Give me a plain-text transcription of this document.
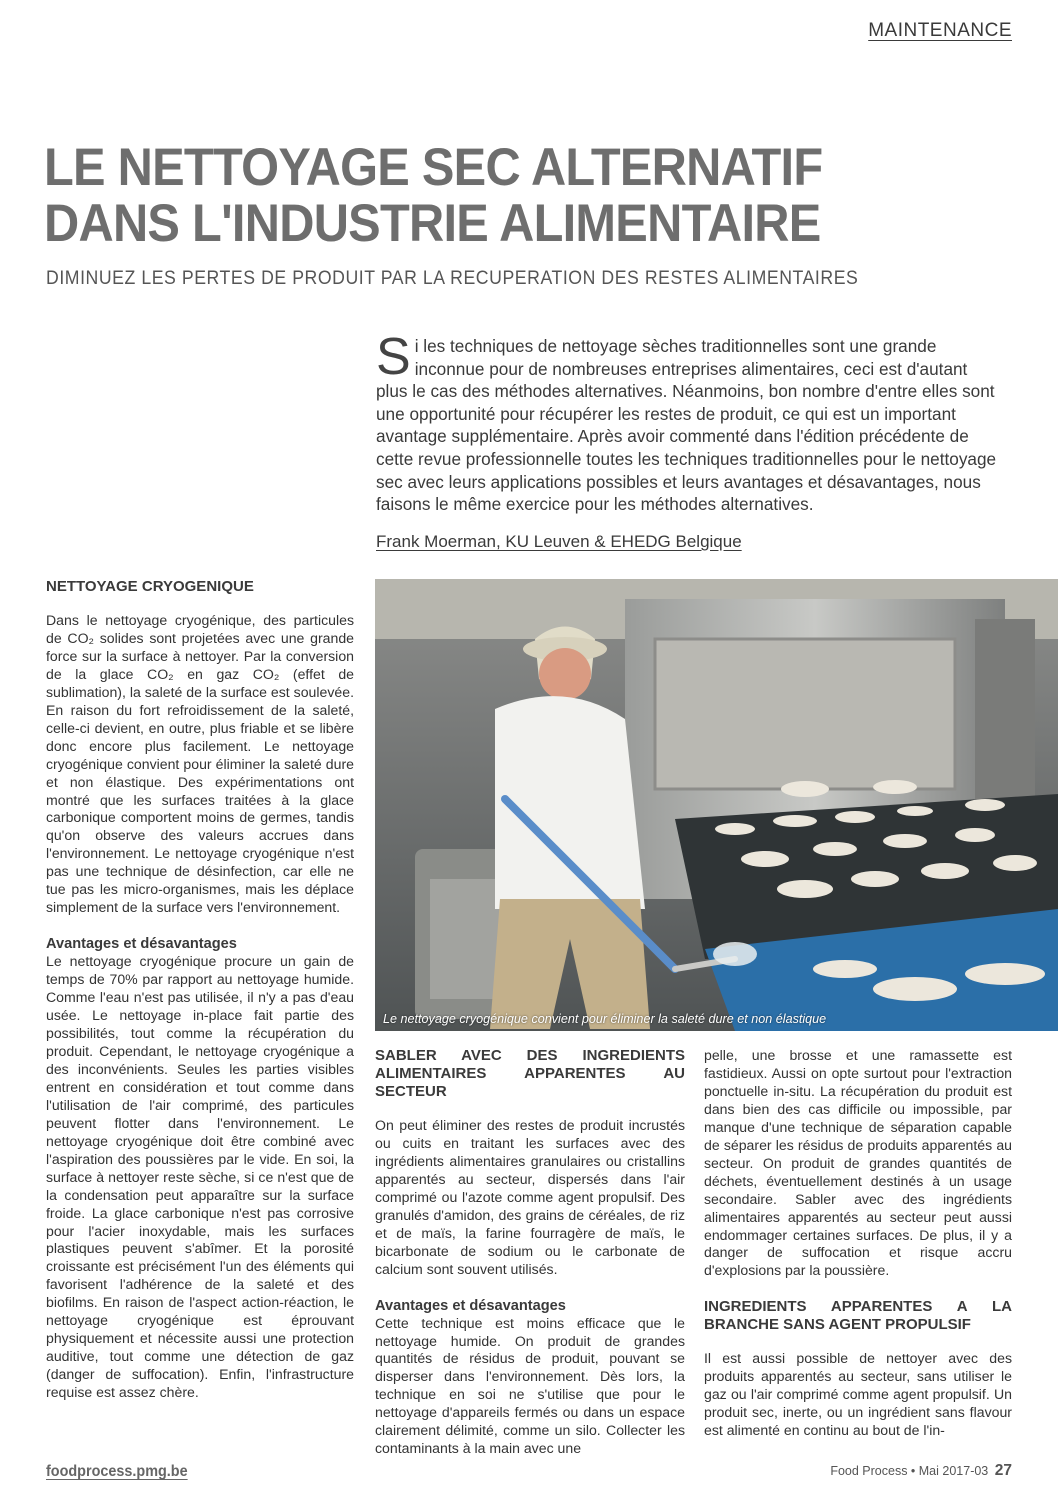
MAINTENANCE
LE NETTOYAGE SEC ALTERNATIF
DANS L'INDUSTRIE ALIMENTAIRE

DIMINUEZ LES PERTES DE PRODUIT PAR LA RECUPERATION DES RESTES ALIMENTAIRES

Si les techniques de nettoyage sèches traditionnelles sont une grande inconnue pour de nombreuses entreprises alimentaires, ceci est d'autant plus le cas des méthodes alternatives. Néanmoins, bon nombre d'entre elles sont une opportunité pour récupérer les restes de produit, ce qui est un important avantage supplémentaire. Après avoir commenté dans l'édition précédente de cette revue professionnelle toutes les techniques traditionnelles pour le nettoyage sec avec leurs applications possibles et leurs avantages et désavantages, nous faisons le même exercice pour les méthodes alternatives.

Frank Moerman, KU Leuven & EHEDG Belgique
NETTOYAGE CRYOGENIQUE

Dans le nettoyage cryogénique, des particules de CO₂ solides sont projetées avec une grande force sur la surface à nettoyer. Par la conversion de la glace CO₂ en gaz CO₂ (effet de sublimation), la saleté de la surface est soulevée. En raison du fort refroidissement de la saleté, celle-ci devient, en outre, plus friable et se libère donc encore plus facilement. Le nettoyage cryogénique convient pour éliminer la saleté dure et non élastique. Des expérimentations ont montré que les surfaces traitées à la glace carbonique comportent moins de germes, tandis qu'on observe des valeurs accrues dans l'environnement. Le nettoyage cryogénique n'est pas une technique de désinfection, car elle ne tue pas les micro-organismes, mais les déplace simplement de la surface vers l'environnement.

Avantages et désavantages

Le nettoyage cryogénique procure un gain de temps de 70% par rapport au nettoyage humide. Comme l'eau n'est pas utilisée, il n'y a pas d'eau usée. Le nettoyage in-place fait partie des possibilités, tout comme la récupération du produit. Cependant, le nettoyage cryogénique a des inconvénients. Seules les parties visibles entrent en considération et tout comme dans l'utilisation de l'air comprimé, des particules peuvent flotter dans l'environnement. Le nettoyage cryogénique doit être combiné avec l'aspiration des poussières par le vide. En soi, la surface à nettoyer reste sèche, si ce n'est que de la condensation peut apparaître sur la surface froide. La glace carbonique n'est pas corrosive pour l'acier inoxydable, mais les surfaces plastiques peuvent s'abîmer. Et la porosité croissante est précisément l'un des éléments qui favorisent l'adhérence de la saleté et des biofilms. En raison de l'aspect action-réaction, le nettoyage cryogénique est éprouvant physiquement et nécessite aussi une protection auditive, tout comme une détection de gaz (danger de suffocation). Enfin, l'infrastructure requise est assez chère.

Le nettoyage cryogénique convient pour éliminer la saleté dure et non élastique
SABLER AVEC DES INGREDIENTS ALIMENTAIRES APPARENTES AU SECTEUR

On peut éliminer des restes de produit incrustés ou cuits en traitant les surfaces avec des ingrédients alimentaires granulaires ou cristallins apparentés au secteur, dispersés dans l'air comprimé ou l'azote comme agent propulsif. Des granulés d'amidon, des grains de céréales, de riz et de maïs, la farine fourragère de maïs, le bicarbonate de sodium ou le carbonate de calcium sont souvent utilisés.

Avantages et désavantages

Cette technique est moins efficace que le nettoyage humide. On produit de grandes quantités de résidus de produit, pouvant se disperser dans l'environnement. Dès lors, la technique en soi ne s'utilise que pour le nettoyage d'appareils fermés ou dans un espace clairement délimité, comme un silo. Collecter les contaminants à la main avec une

pelle, une brosse et une ramassette est fastidieux. Aussi on opte surtout pour l'extraction ponctuelle in-situ. La récupération du produit est dans bien des cas difficile ou impossible, par manque d'une technique de séparation capable de séparer les résidus de produits apparentés au secteur. On produit de grandes quantités de déchets, éventuellement destinés à un usage secondaire. Sabler avec des ingrédients alimentaires apparentés au secteur peut aussi endommager certaines surfaces. De plus, il y a danger de suffocation et risque accru d'explosions par la poussière.

INGREDIENTS APPARENTES A LA BRANCHE SANS AGENT PROPULSIF

Il est aussi possible de nettoyer avec des produits apparentés au secteur, sans utiliser le gaz ou l'air comprimé comme agent propulsif. Un produit sec, inerte, ou un ingrédient sans flavour est alimenté en continu au bout de l'in-

foodprocess.pmg.be	Food Process • Mai 2017-03 27
